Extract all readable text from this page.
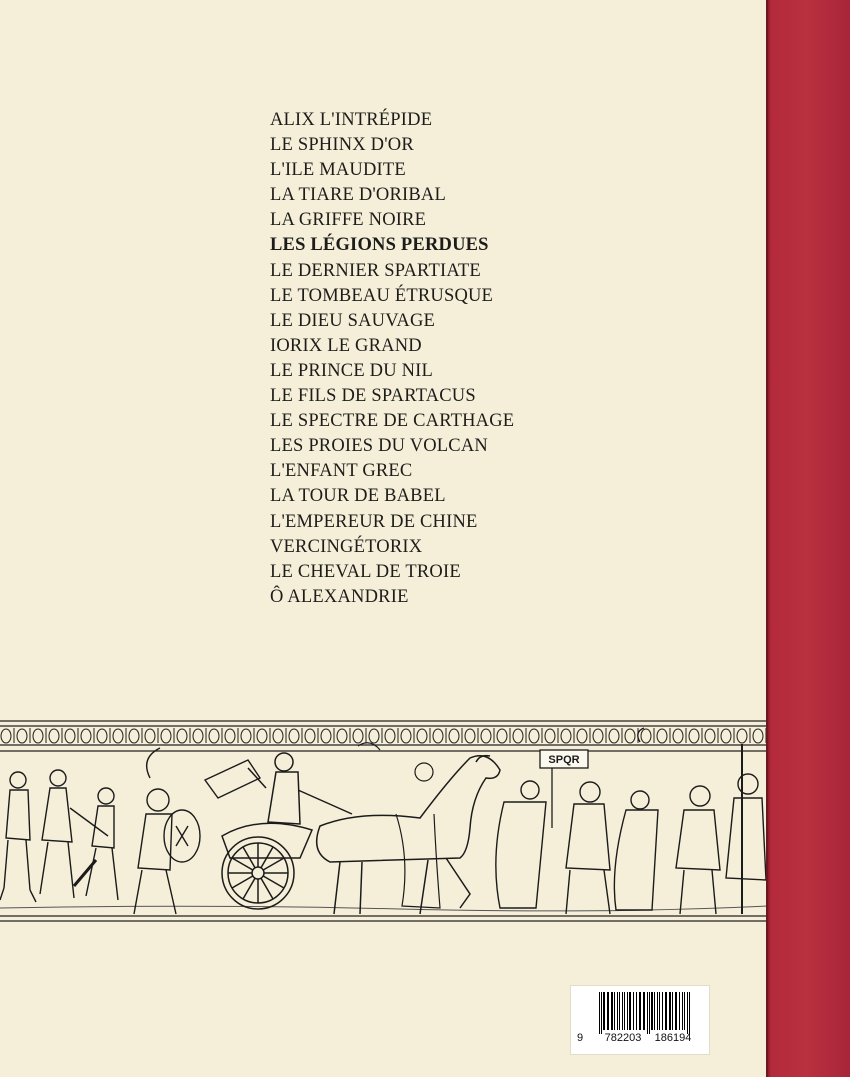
ALIX L'INTRÉPIDE
LE SPHINX D'OR
L'ILE MAUDITE
LA TIARE D'ORIBAL
LA GRIFFE NOIRE
LES LÉGIONS PERDUES
LE DERNIER SPARTIATE
LE TOMBEAU ÉTRUSQUE
LE DIEU SAUVAGE
IORIX LE GRAND
LE PRINCE DU NIL
LE FILS DE SPARTACUS
LE SPECTRE DE CARTHAGE
LES PROIES DU VOLCAN
L'ENFANT GREC
LA TOUR DE BABEL
L'EMPEREUR DE CHINE
VERCINGÉTORIX
LE CHEVAL DE TROIE
Ô ALEXANDRIE
SPQR
9	782203	186194
